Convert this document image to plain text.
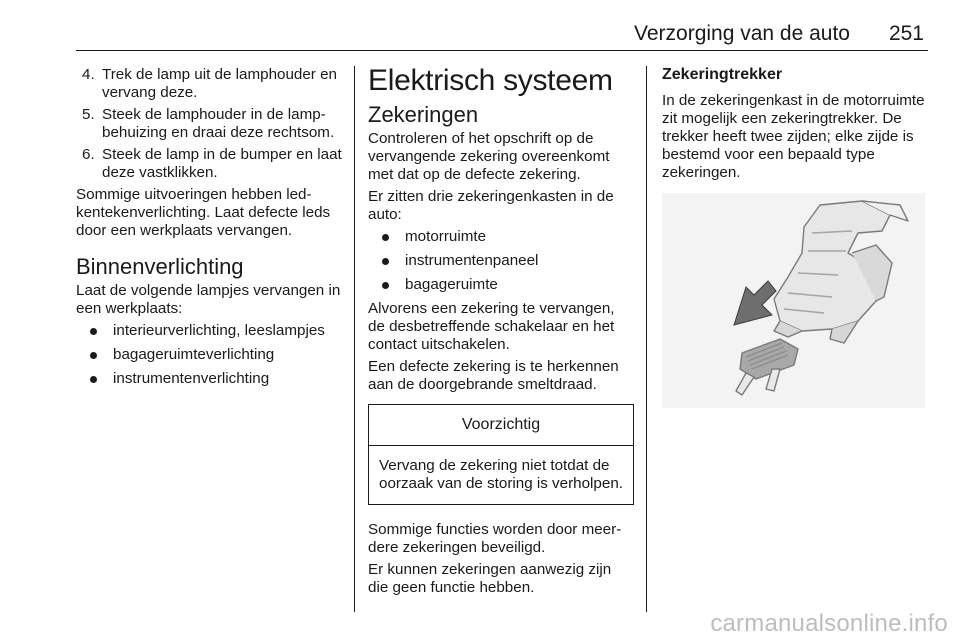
Verzorging van de auto 251
4. Trek de lamp uit de lamphouder en vervang deze.
5. Steek de lamphouder in de lampbehuizing en draai deze rechtsom.
6. Steek de lamp in de bumper en laat deze vastklikken.

Sommige uitvoeringen hebben led-kentekenverlichting. Laat defecte leds door een werkplaats vervangen.

Binnenverlichting

Laat de volgende lampjes vervangen in een werkplaats:

interieurverlichting, leeslampjes
bagageruimteverlichting
instrumentenverlichting
Elektrisch systeem
Zekeringen

Controleren of het opschrift op de vervangende zekering overeenkomt met dat op de defecte zekering.

Er zitten drie zekeringenkasten in de auto:

motorruimte
instrumentenpaneel
bagageruimte

Alvorens een zekering te vervangen, de desbetreffende schakelaar en het contact uitschakelen.

Een defecte zekering is te herkennen aan de doorgebrande smeltdraad.

Voorzichtig
Vervang de zekering niet totdat de oorzaak van de storing is verholpen.

Sommige functies worden door meerdere zekeringen beveiligd.

Er kunnen zekeringen aanwezig zijn die geen functie hebben.

Zekeringtrekker

In de zekeringenkast in de motorruimte zit mogelijk een zekeringtrekker. De trekker heeft twee zijden; elke zijde is bestemd voor een bepaald type zekeringen.

carmanualsonline.info
